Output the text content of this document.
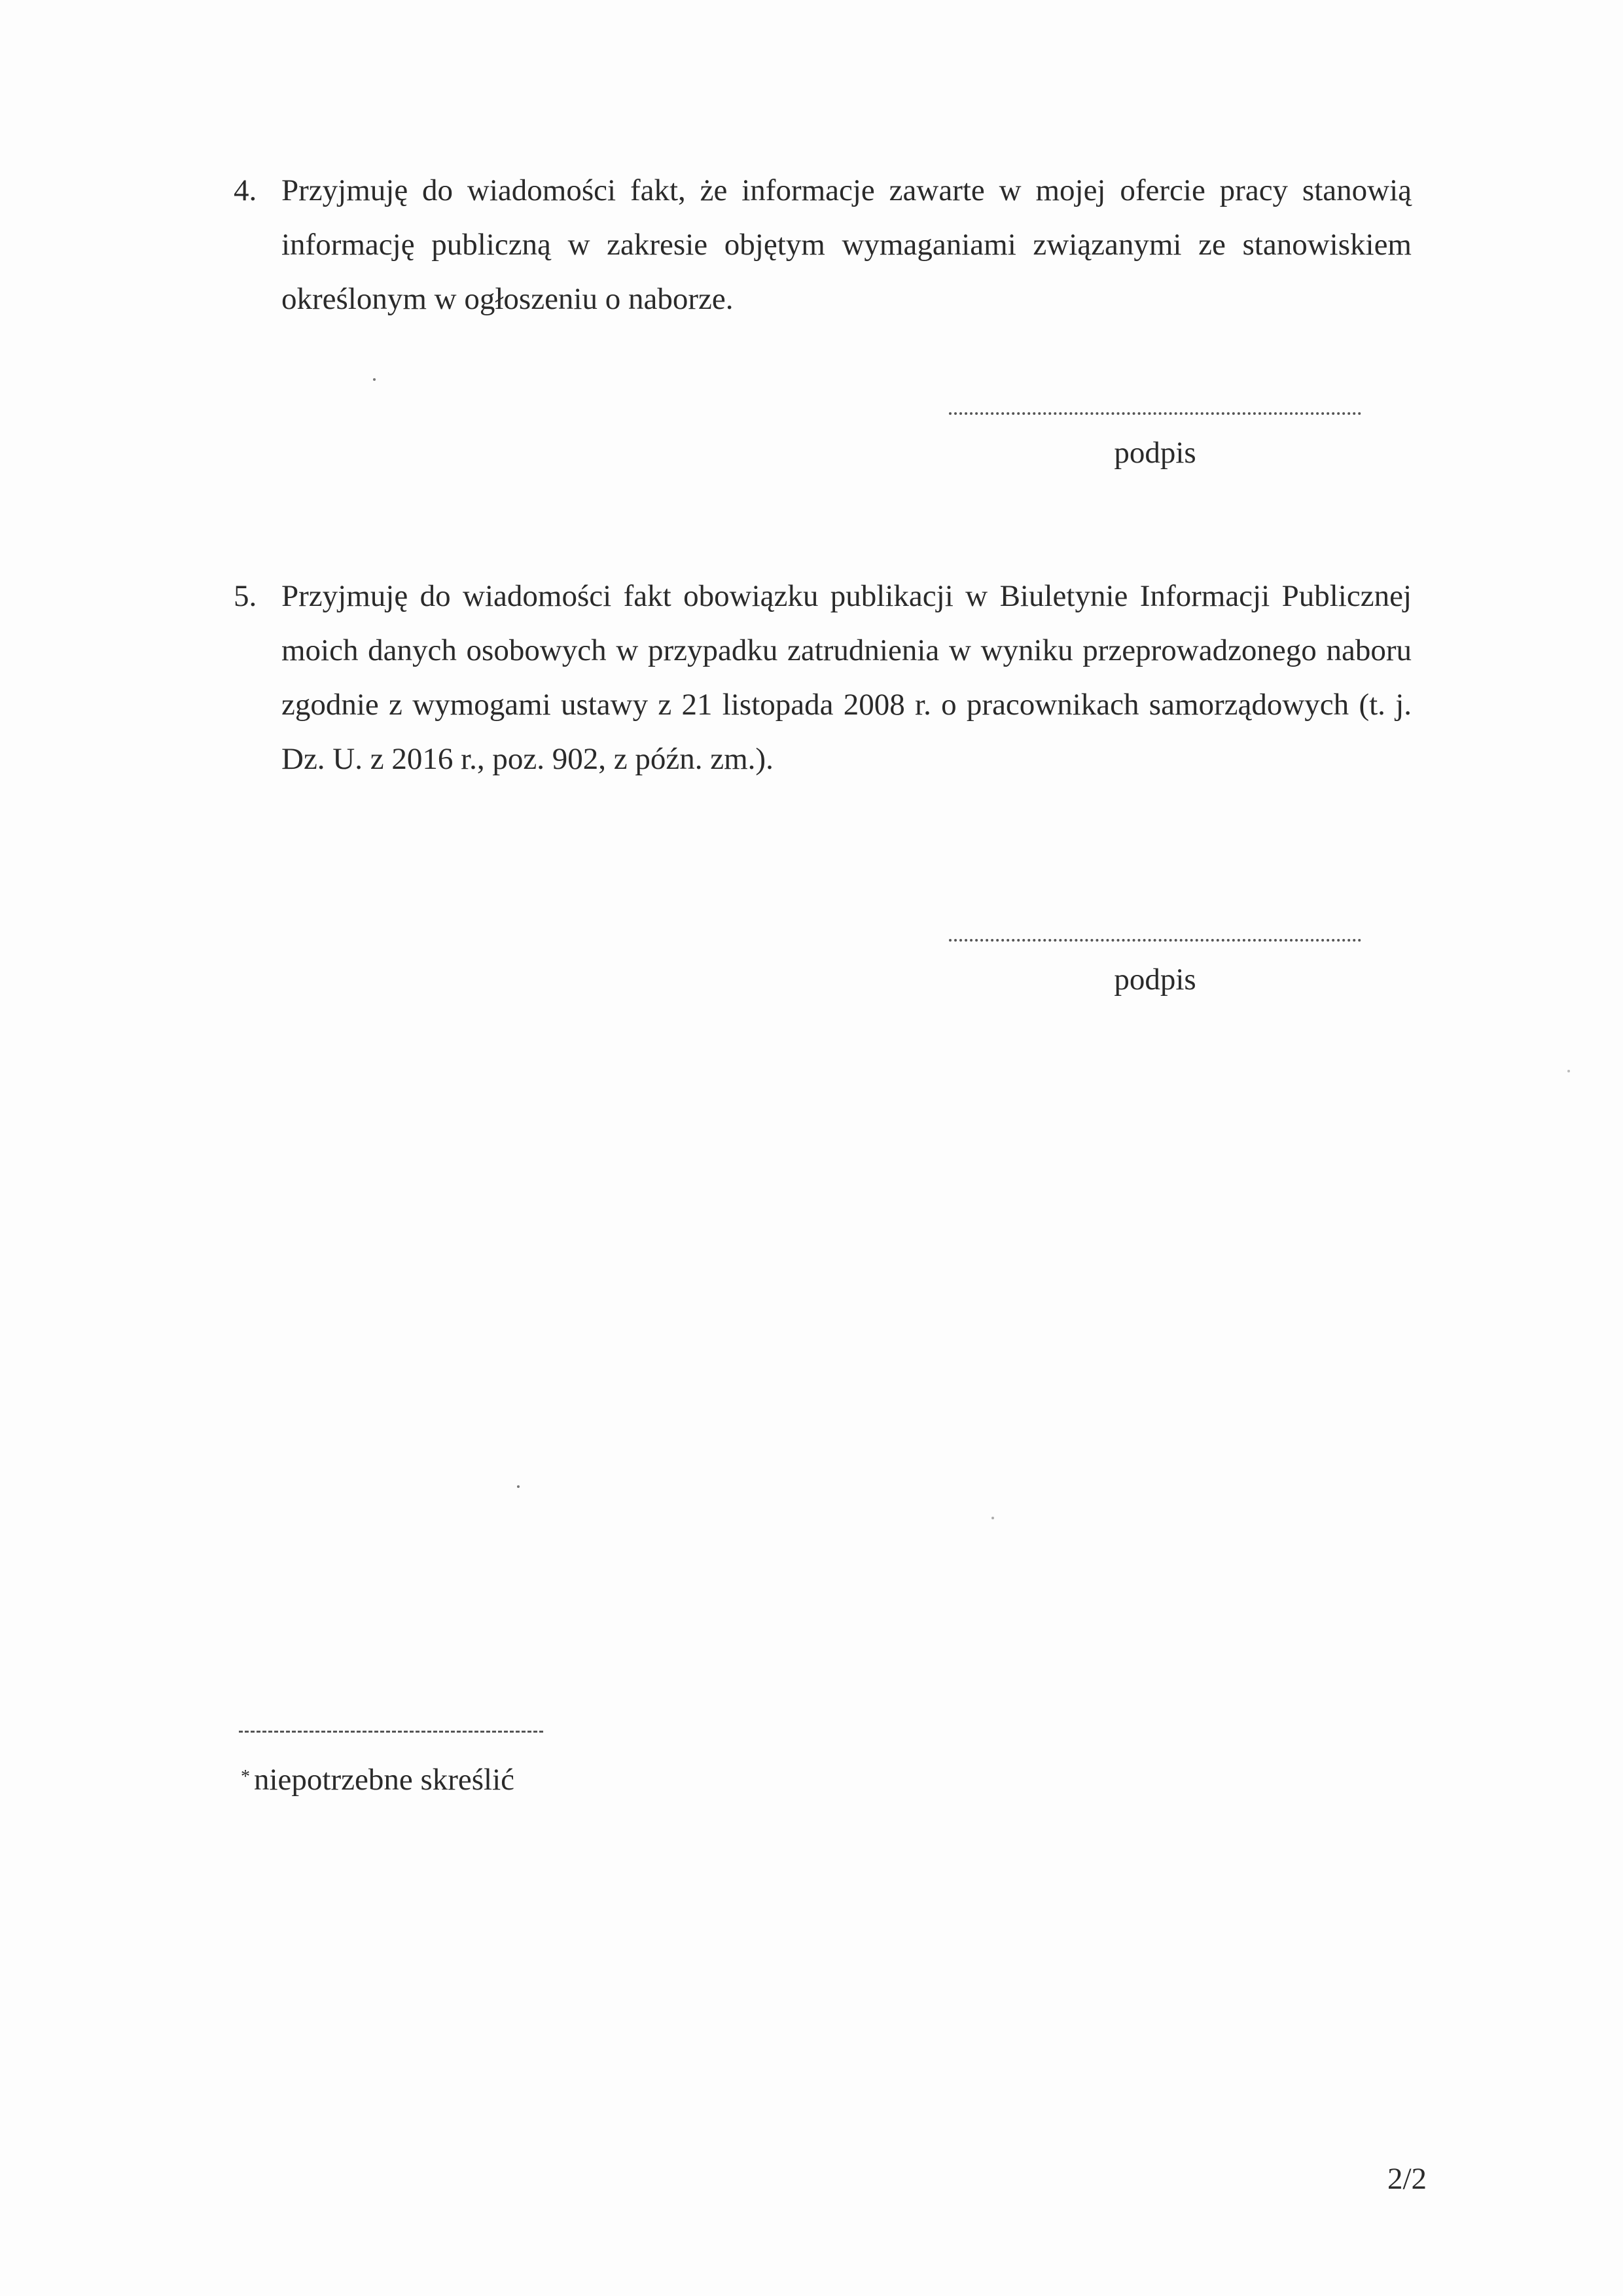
4. Przyjmuję do wiadomości fakt, że informacje zawarte w mojej ofercie pracy stanowią informację publiczną w zakresie objętym wymaganiami związanymi ze stanowiskiem określonym w ogłoszeniu o naborze.

podpis
5. Przyjmuję do wiadomości fakt obowiązku publikacji w Biuletynie Informacji Publicznej moich danych osobowych w przypadku zatrudnienia w wyniku przeprowadzonego naboru zgodnie z wymogami ustawy z 21 listopada 2008 r. o pracownikach samorządowych (t. j. Dz. U. z 2016 r., poz. 902, z późn. zm.).

podpis
* niepotrzebne skreślić
2/2
